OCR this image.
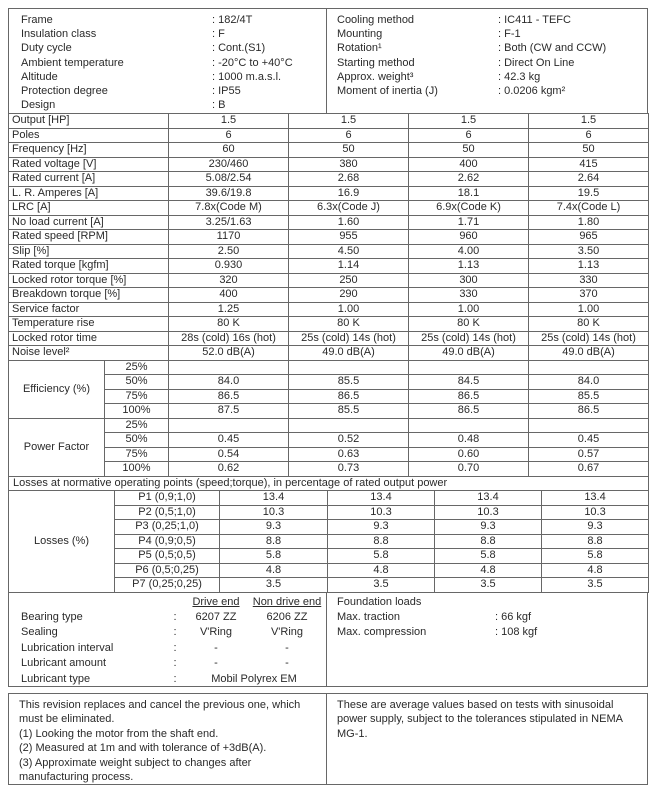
Frame	: 182/4T
Insulation class	: F
Duty cycle	: Cont.(S1)
Ambient temperature	: -20°C to +40°C
Altitude	: 1000 m.a.s.l.
Protection degree	: IP55
Design	: B
Cooling method	: IC411 - TEFC
Mounting	: F-1
Rotation¹	: Both (CW and CCW)
Starting method	: Direct On Line
Approx. weight³	: 42.3 kg
Moment of inertia (J)	: 0.0206 kgm²
Output [HP]	1.5	1.5	1.5	1.5
Poles	6	6	6	6
Frequency [Hz]	60	50	50	50
Rated voltage [V]	230/460	380	400	415
Rated current [A]	5.08/2.54	2.68	2.62	2.64
L. R. Amperes [A]	39.6/19.8	16.9	18.1	19.5
LRC [A]	7.8x(Code M)	6.3x(Code J)	6.9x(Code K)	7.4x(Code L)
No load current [A]	3.25/1.63	1.60	1.71	1.80
Rated speed [RPM]	1170	955	960	965
Slip [%]	2.50	4.50	4.00	3.50
Rated torque [kgfm]	0.930	1.14	1.13	1.13
Locked rotor torque [%]	320	250	300	330
Breakdown torque [%]	400	290	330	370
Service factor	1.25	1.00	1.00	1.00
Temperature rise	80 K	80 K	80 K	80 K
Locked rotor time	28s (cold) 16s (hot)	25s (cold) 14s (hot)	25s (cold) 14s (hot)	25s (cold) 14s (hot)
Noise level²	52.0 dB(A)	49.0 dB(A)	49.0 dB(A)	49.0 dB(A)
Efficiency (%)	25%				
	50%	84.0	85.5	84.5	84.0
	75%	86.5	86.5	86.5	85.5
	100%	87.5	85.5	86.5	86.5
Power Factor	25%				
	50%	0.45	0.52	0.48	0.45
	75%	0.54	0.63	0.60	0.57
	100%	0.62	0.73	0.70	0.67
Losses at normative operating points (speed;torque), in percentage of rated output power					
Losses (%)	P1 (0,9;1,0)	13.4	13.4	13.4	13.4
	P2 (0,5;1,0)	10.3	10.3	10.3	10.3
	P3 (0,25;1,0)	9.3	9.3	9.3	9.3
	P4 (0,9;0,5)	8.8	8.8	8.8	8.8
	P5 (0,5;0,5)	5.8	5.8	5.8	5.8
	P6 (0,5;0,25)	4.8	4.8	4.8	4.8
	P7 (0,25;0,25)	3.5	3.5	3.5	3.5
		Drive end	Non drive end
Bearing type	:	6207 ZZ	6206 ZZ
Sealing	:	V'Ring	V'Ring
Lubrication interval	:	-	-
Lubricant amount	:	-	-
Lubricant type	:	Mobil Polyrex EM	
Foundation loads
Max. traction	: 66 kgf
Max. compression	: 108 kgf

This revision replaces and cancel the previous one, which must be eliminated.

(1) Looking the motor from the shaft end.

(2) Measured at 1m and with tolerance of +3dB(A).

(3) Approximate weight subject to changes after manufacturing process.

These are average values based on tests with sinusoidal power supply, subject to the tolerances stipulated in NEMA MG-1.
